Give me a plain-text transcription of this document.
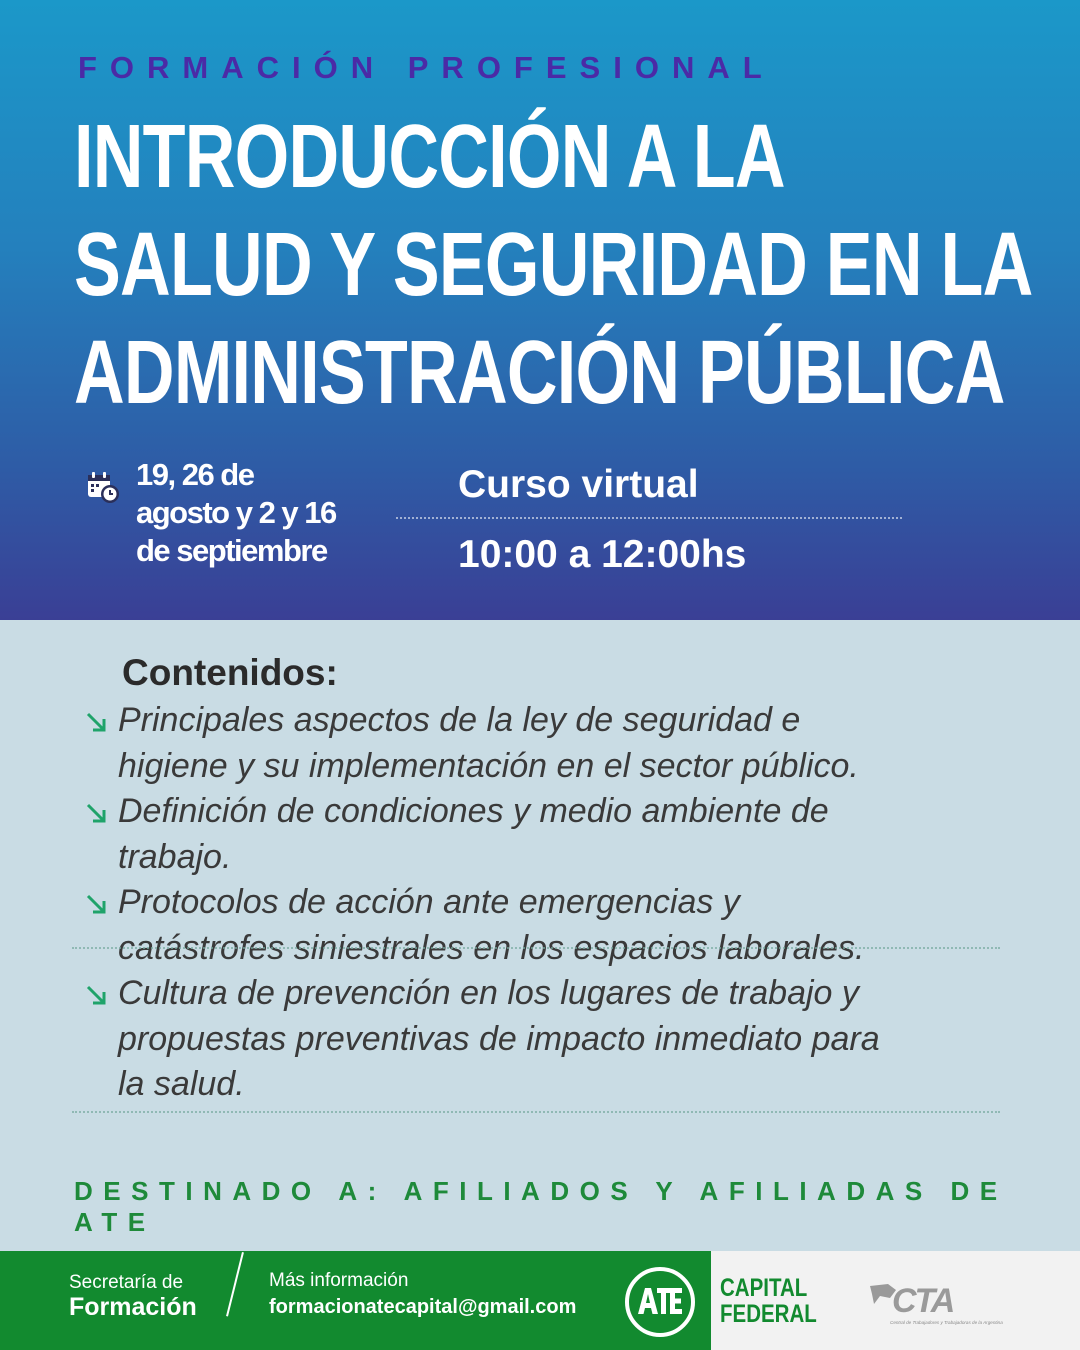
FORMACIÓN PROFESIONAL
INTRODUCCIÓN A LA
SALUD Y SEGURIDAD EN LA
ADMINISTRACIÓN PÚBLICA
19, 26 de
agosto y 2 y 16
de septiembre
Curso virtual
10:00 a 12:00hs
Contenidos:
Principales aspectos de la ley de seguridad e
higiene y su implementación en el sector público.
Definición de condiciones y medio ambiente de
trabajo.
Protocolos de acción ante emergencias y
catástrofes siniestrales en los espacios laborales.
Cultura de prevención en los lugares de trabajo y
propuestas preventivas de impacto inmediato para
la salud.
DESTINADO A: AFILIADOS Y AFILIADAS DE ATE
Secretaría de
Formación
Más información
formacionatecapital@gmail.com
CAPITAL
FEDERAL CTA
Central de Trabajadores y Trabajadoras de la Argentina
